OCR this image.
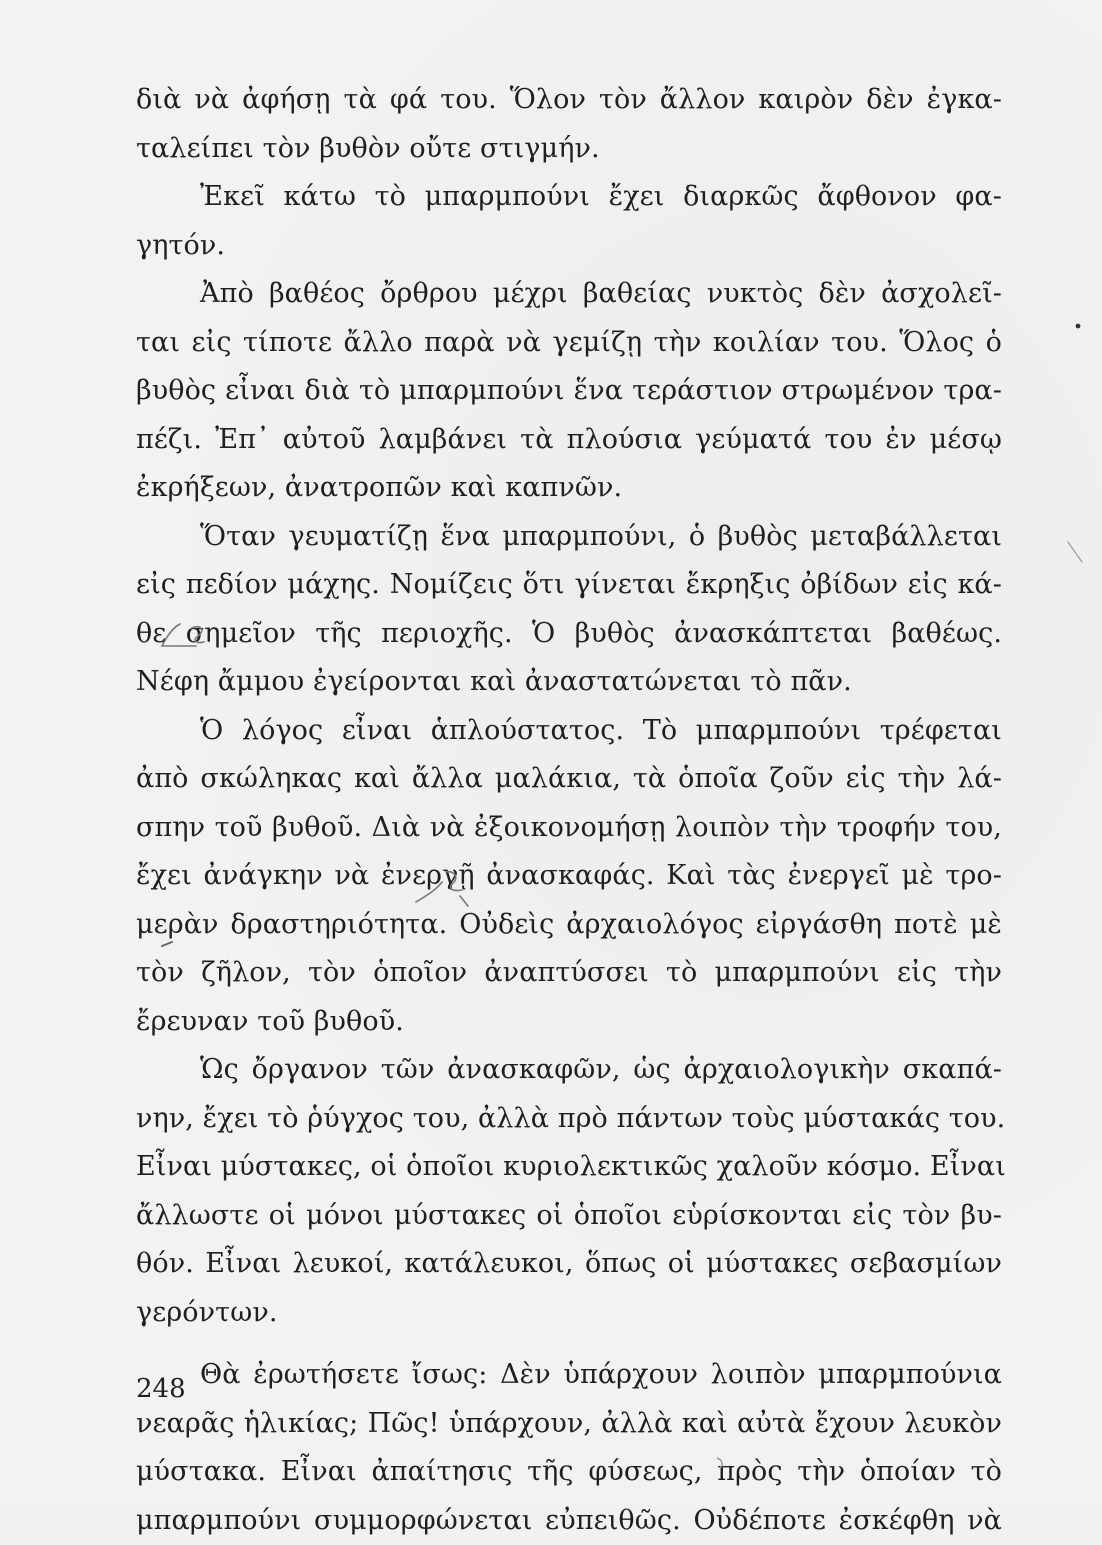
διὰ νὰ ἀφήσῃ τὰ φά του. Ὅλον τὸν ἄλλον καιρὸν δὲν ἐγκα-
ταλείπει τὸν βυθὸν οὔτε στιγμήν.
Ἐκεῖ κάτω τὸ μπαρμπούνι ἔχει διαρκῶς ἄφθονον φα-
γητόν.
Ἀπὸ βαθέος ὄρθρου μέχρι βαθείας νυκτὸς δὲν ἀσχολεῖ-
ται εἰς τίποτε ἄλλο παρὰ νὰ γεμίζῃ τὴν κοιλίαν του. Ὅλος ὁ
βυθὸς εἶναι διὰ τὸ μπαρμπούνι ἕνα τεράστιον στρωμένον τρα-
πέζι. Ἐπ᾽ αὐτοῦ λαμβάνει τὰ πλούσια γεύματά του ἐν μέσῳ
ἐκρήξεων, ἀνατροπῶν καὶ καπνῶν.
Ὅταν γευματίζῃ ἕνα μπαρμπούνι, ὁ βυθὸς μεταβάλλεται
εἰς πεδίον μάχης. Νομίζεις ὅτι γίνεται ἔκρηξις ὀβίδων εἰς κά-
θε σημεῖον τῆς περιοχῆς. Ὁ βυθὸς ἀνασκάπτεται βαθέως.
Νέφη ἄμμου ἐγείρονται καὶ ἀναστατώνεται τὸ πᾶν.
Ὁ λόγος εἶναι ἁπλούστατος. Τὸ μπαρμπούνι τρέφεται
ἀπὸ σκώληκας καὶ ἄλλα μαλάκια, τὰ ὁποῖα ζοῦν εἰς τὴν λά-
σπην τοῦ βυθοῦ. Διὰ νὰ ἐξοικονομήσῃ λοιπὸν τὴν τροφήν του,
ἔχει ἀνάγκην νὰ ἐνεργῇ ἀνασκαφάς. Καὶ τὰς ἐνεργεῖ μὲ τρο-
μερὰν δραστηριότητα. Οὐδεὶς ἀρχαιολόγος εἰργάσθη ποτὲ μὲ
τὸν ζῆλον, τὸν ὁποῖον ἀναπτύσσει τὸ μπαρμπούνι εἰς τὴν
ἔρευναν τοῦ βυθοῦ.
Ὡς ὄργανον τῶν ἀνασκαφῶν, ὡς ἀρχαιολογικὴν σκαπά-
νην, ἔχει τὸ ῥύγχος του, ἀλλὰ πρὸ πάντων τοὺς μύστακάς του.
Εἶναι μύστακες, οἱ ὁποῖοι κυριολεκτικῶς χαλοῦν κόσμο. Εἶναι
ἄλλωστε οἱ μόνοι μύστακες οἱ ὁποῖοι εὑρίσκονται εἰς τὸν βυ-
θόν. Εἶναι λευκοί, κατάλευκοι, ὅπως οἱ μύστακες σεβασμίων
γερόντων.
Θὰ ἐρωτήσετε ἴσως: Δὲν ὑπάρχουν λοιπὸν μπαρμπούνια
νεαρᾶς ἡλικίας; Πῶς! ὑπάρχουν, ἀλλὰ καὶ αὐτὰ ἔχουν λευκὸν
μύστακα. Εἶναι ἀπαίτησις τῆς φύσεως, πρὸς τὴν ὁποίαν τὸ
μπαρμπούνι συμμορφώνεται εὐπειθῶς. Οὐδέποτε ἐσκέφθη νὰ
248
